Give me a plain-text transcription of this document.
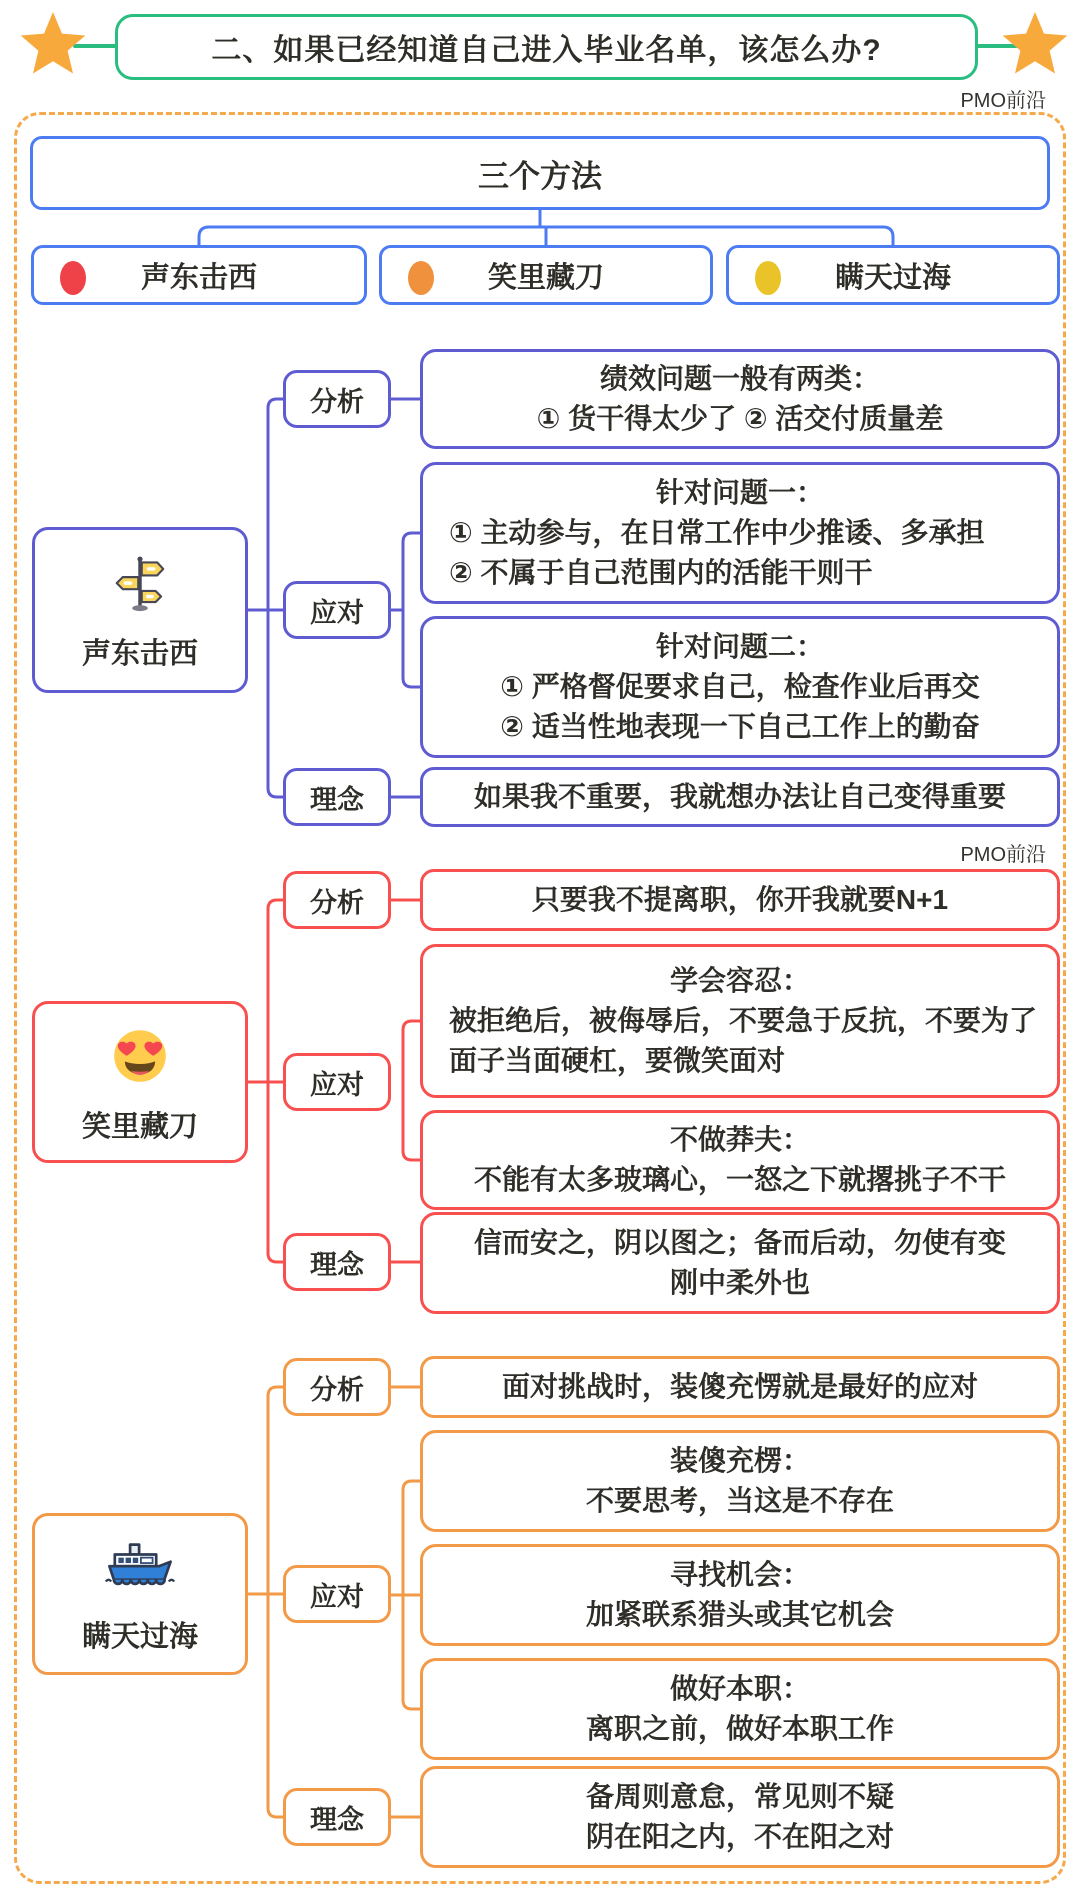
二、如果已经知道自己进入毕业名单，该怎么办?
PMO前沿
三个方法
声东击西	笑里藏刀	瞒天过海
声东击西
分析
绩效问题一般有两类：
① 货干得太少了 ② 活交付质量差
应对
针对问题一：
① 主动参与，在日常工作中少推诿、多承担
② 不属于自己范围内的活能干则干
针对问题二：
① 严格督促要求自己，检查作业后再交
② 适当性地表现一下自己工作上的勤奋
理念	如果我不重要，我就想办法让自己变得重要
PMO前沿
笑里藏刀
分析	只要我不提离职，你开我就要N+1
应对
学会容忍：
被拒绝后，被侮辱后，不要急于反抗，不要为了面子当面硬杠，要微笑面对
不做莽夫：
不能有太多玻璃心，一怒之下就撂挑子不干
理念
信而安之，阴以图之；备而后动，勿使有变
刚中柔外也
瞒天过海
分析	面对挑战时，装傻充愣就是最好的应对
应对
装傻充楞：
不要思考，当这是不存在
寻找机会：
加紧联系猎头或其它机会
做好本职：
离职之前，做好本职工作
理念
备周则意怠，常见则不疑
阴在阳之内，不在阳之对
